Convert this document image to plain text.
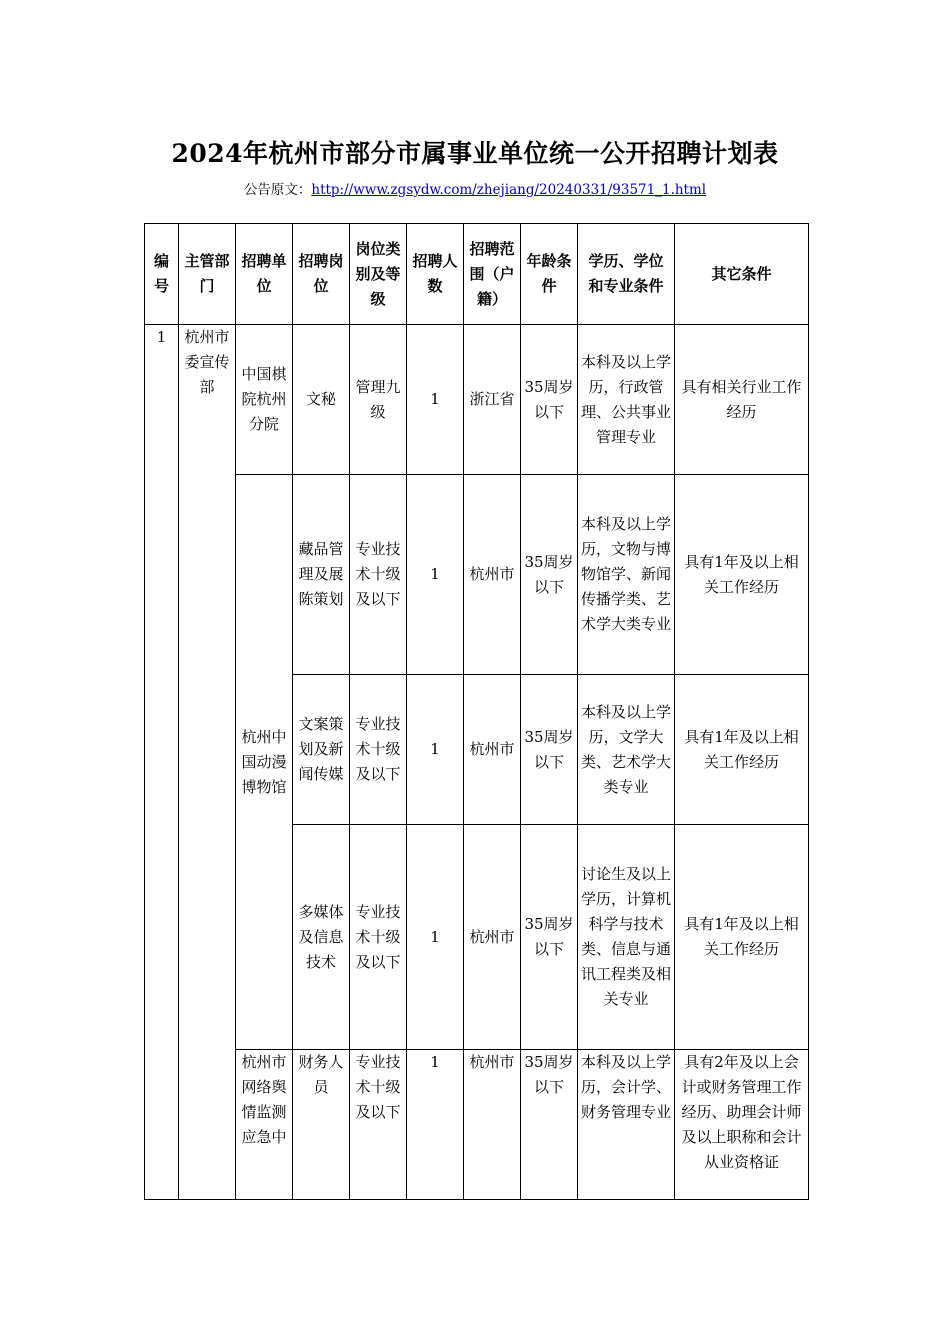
2024年杭州市部分市属事业单位统一公开招聘计划表
公告原文：http://www.zgsydw.com/zhejiang/20240331/93571_1.html
编号	主管部门	招聘单位	招聘岗位	岗位类别及等级	招聘人数	招聘范围（户籍）	年龄条件	学历、学位和专业条件	其它条件
1	杭州市委宣传部	中国棋院杭州分院	文秘	管理九级	1	浙江省	35周岁以下	本科及以上学历，行政管理、公共事业管理专业	具有相关行业工作经历
		杭州中国动漫博物馆	藏品管理及展陈策划	专业技术十级及以下	1	杭州市	35周岁以下	本科及以上学历，文物与博物馆学、新闻传播学类、艺术学大类专业	具有1年及以上相关工作经历
			文案策划及新闻传媒	专业技术十级及以下	1	杭州市	35周岁以下	本科及以上学历，文学大类、艺术学大类专业	具有1年及以上相关工作经历
			多媒体及信息技术	专业技术十级及以下	1	杭州市	35周岁以下	讨论生及以上学历，计算机科学与技术类、信息与通讯工程类及相关专业	具有1年及以上相关工作经历
		杭州市网络舆情监测应急中	财务人员	专业技术十级及以下	1	杭州市	35周岁以下	本科及以上学历，会计学、财务管理专业	具有2年及以上会计或财务管理工作经历、助理会计师及以上职称和会计从业资格证
